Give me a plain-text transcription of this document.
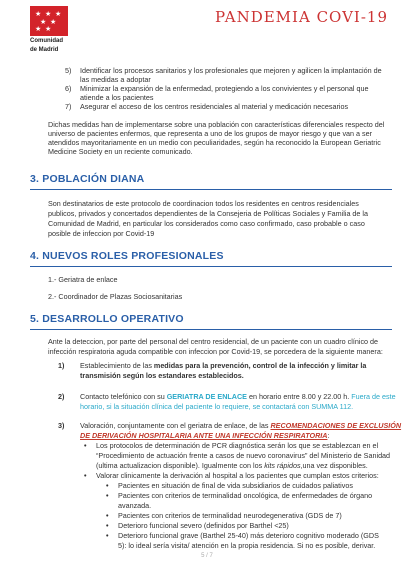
★ ★ ★
★ ★
★ ★
Comunidad
de Madrid
PANDEMIA COVI-19
5) Identificar los procesos sanitarios y los profesionales que mejoren y agilicen la implantación de
las medidas a adoptar
6) Minimizar la expansión de la enfermedad, protegiendo a los convivientes y el personal que
atiende a los pacientes
7) Asegurar el acceso de los centros residenciales al material y medicación necesarios
Dichas medidas han de implementarse sobre una población con características diferenciales respecto del
universo de pacientes enfermos, que representa a uno de los grupos de mayor riesgo y que van a ser
atendidos mayoritariamente en un medio con peculiaridades, según ha reconocido la European Geriatric
Medicine Society en un reciente comunicado.
3. POBLACIÓN DIANA
Son destinatarios de este protocolo de coordinacion todos los residentes en centros residenciales
publicos, privados y concertados dependientes de la Consejeria de Políticas Sociales y Familia de la
Comunidad de Madrid, en particular los considerados como caso confirmado, caso probable o caso
posible de infeccion por Covid-19
4. NUEVOS ROLES PROFESIONALES
1.- Geriatra de enlace
2.- Coordinador de Plazas Sociosanitarias
5. DESARROLLO OPERATIVO
Ante la deteccion, por parte del personal del centro residencial, de un paciente con un cuadro clínico de
infección respiratoria aguda compatible con infeccion por Covid-19, se porcedera de la siguiente manera:
1) Establecimiento de las medidas para la prevención, control de la infección y limitar la
transmisión según los estandares establecidos.
2) Contacto telefónico con su GERIATRA DE ENLACE en horario entre 8.00 y 22.00 h. Fuera de este
horario, si la situación clínica del paciente lo requiere, se contactará con SUMMA 112.
3) Valoración, conjuntamente con el geriatra de enlace, de las RECOMENDACIONES DE EXCLUSIÓN
DE DERIVACIÓN HOSPITALARIA ANTE UNA INFECCIÓN RESPIRATORIA:
• Los protocolos de determinación de PCR diagnóstica serán los que se establezcan en el
“Procedimiento de actuación frente a casos de nuevo coronavirus” del Ministerio de Sanidad
(ultima actualizacion disponible). Igualmente con los kits rápidos,una vez disponibles.
• Valorar clinicamente la derivación al hospital a los pacientes que cumplan estos criterios:
• Pacientes en situación de final de vida subsidiarios de cuidados paliativos
• Pacientes con criterios de terminalidad oncológica, de enfermedades de órgano
avanzada.
• Pacientes con criterios de terminalidad neurodegenerativa (GDS de 7)
• Deterioro funcional severo (definidos por Barthel <25)
• Deterioro funcional grave (Barthel 25-40) más deterioro cognitivo moderado (GDS
5): lo ideal sería visita/ atención en la propia residencia. Si no es posible, derivar.
5 / 7
